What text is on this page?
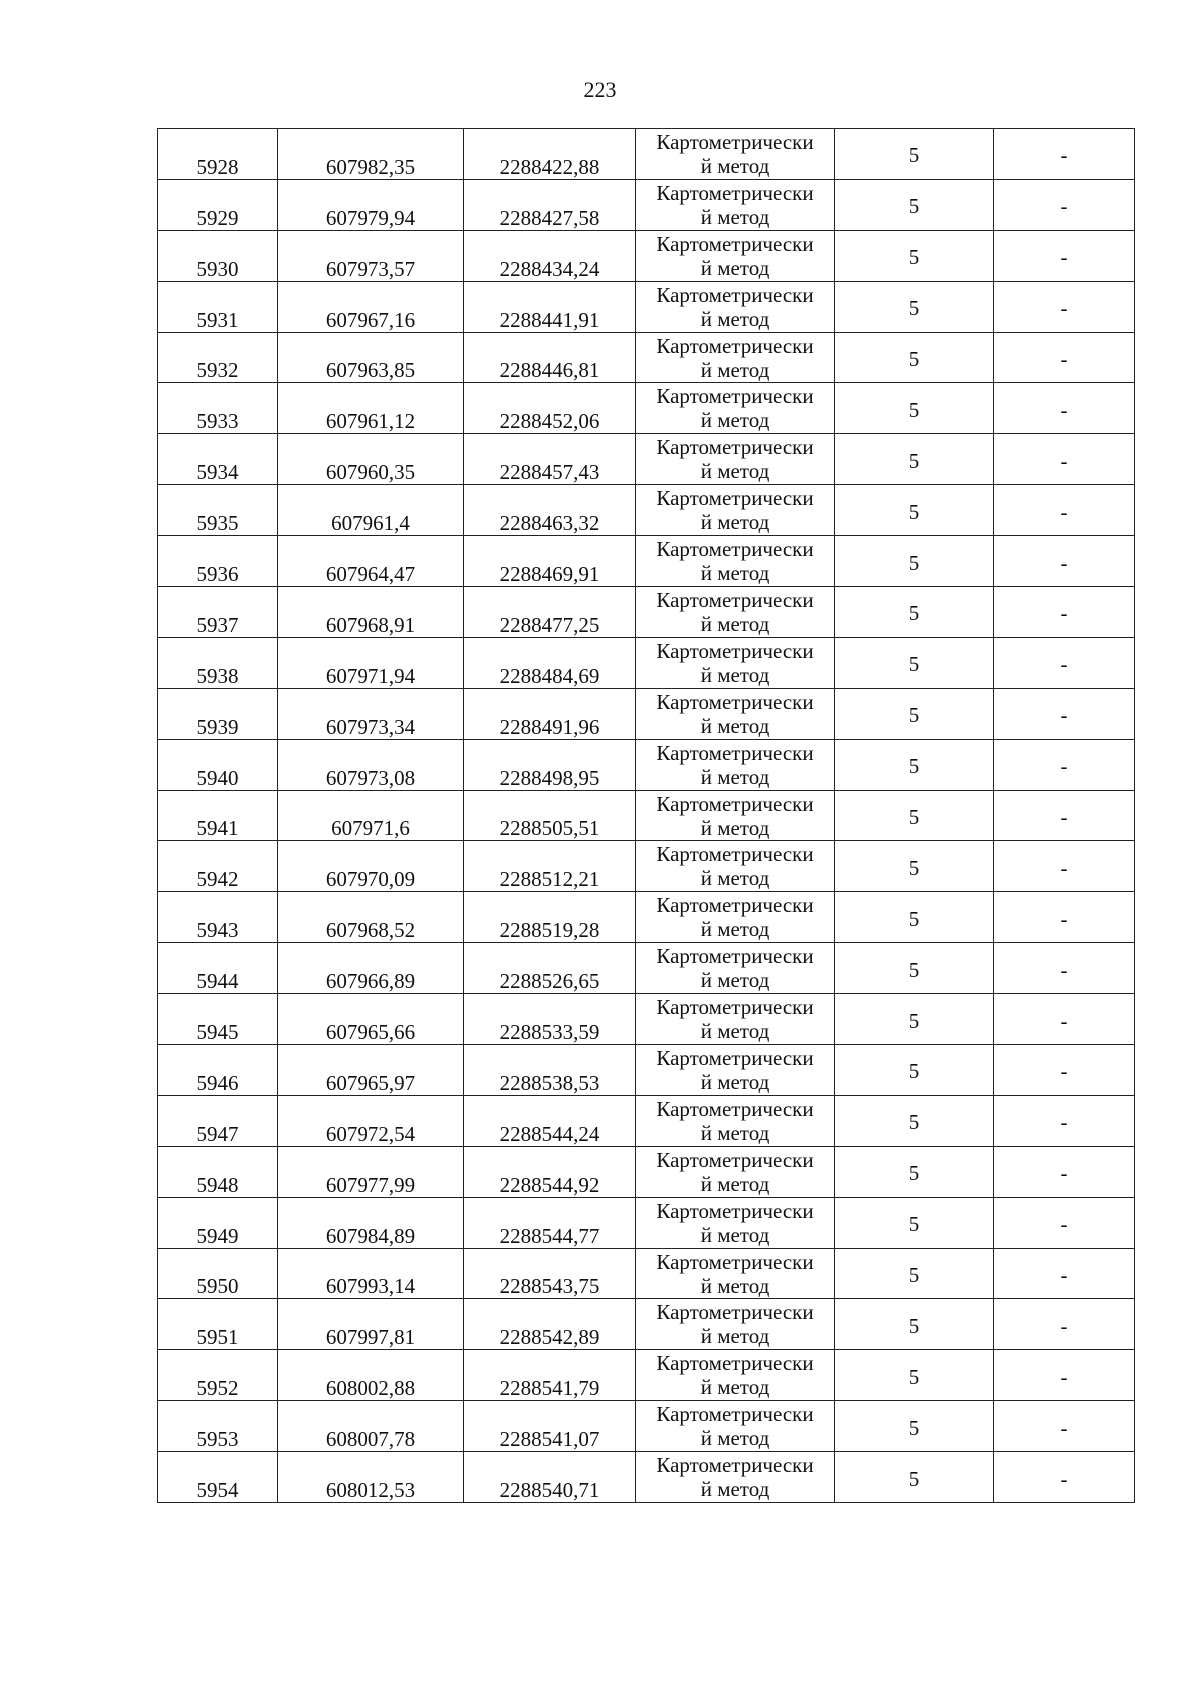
223
5928	607982,35	2288422,88	Картометрически
й метод	5	-
5929	607979,94	2288427,58	Картометрически
й метод	5	-
5930	607973,57	2288434,24	Картометрически
й метод	5	-
5931	607967,16	2288441,91	Картометрически
й метод	5	-
5932	607963,85	2288446,81	Картометрически
й метод	5	-
5933	607961,12	2288452,06	Картометрически
й метод	5	-
5934	607960,35	2288457,43	Картометрически
й метод	5	-
5935	607961,4	2288463,32	Картометрически
й метод	5	-
5936	607964,47	2288469,91	Картометрически
й метод	5	-
5937	607968,91	2288477,25	Картометрически
й метод	5	-
5938	607971,94	2288484,69	Картометрически
й метод	5	-
5939	607973,34	2288491,96	Картометрически
й метод	5	-
5940	607973,08	2288498,95	Картометрически
й метод	5	-
5941	607971,6	2288505,51	Картометрически
й метод	5	-
5942	607970,09	2288512,21	Картометрически
й метод	5	-
5943	607968,52	2288519,28	Картометрически
й метод	5	-
5944	607966,89	2288526,65	Картометрически
й метод	5	-
5945	607965,66	2288533,59	Картометрически
й метод	5	-
5946	607965,97	2288538,53	Картометрически
й метод	5	-
5947	607972,54	2288544,24	Картометрически
й метод	5	-
5948	607977,99	2288544,92	Картометрически
й метод	5	-
5949	607984,89	2288544,77	Картометрически
й метод	5	-
5950	607993,14	2288543,75	Картометрически
й метод	5	-
5951	607997,81	2288542,89	Картометрически
й метод	5	-
5952	608002,88	2288541,79	Картометрически
й метод	5	-
5953	608007,78	2288541,07	Картометрически
й метод	5	-
5954	608012,53	2288540,71	Картометрически
й метод	5	-
